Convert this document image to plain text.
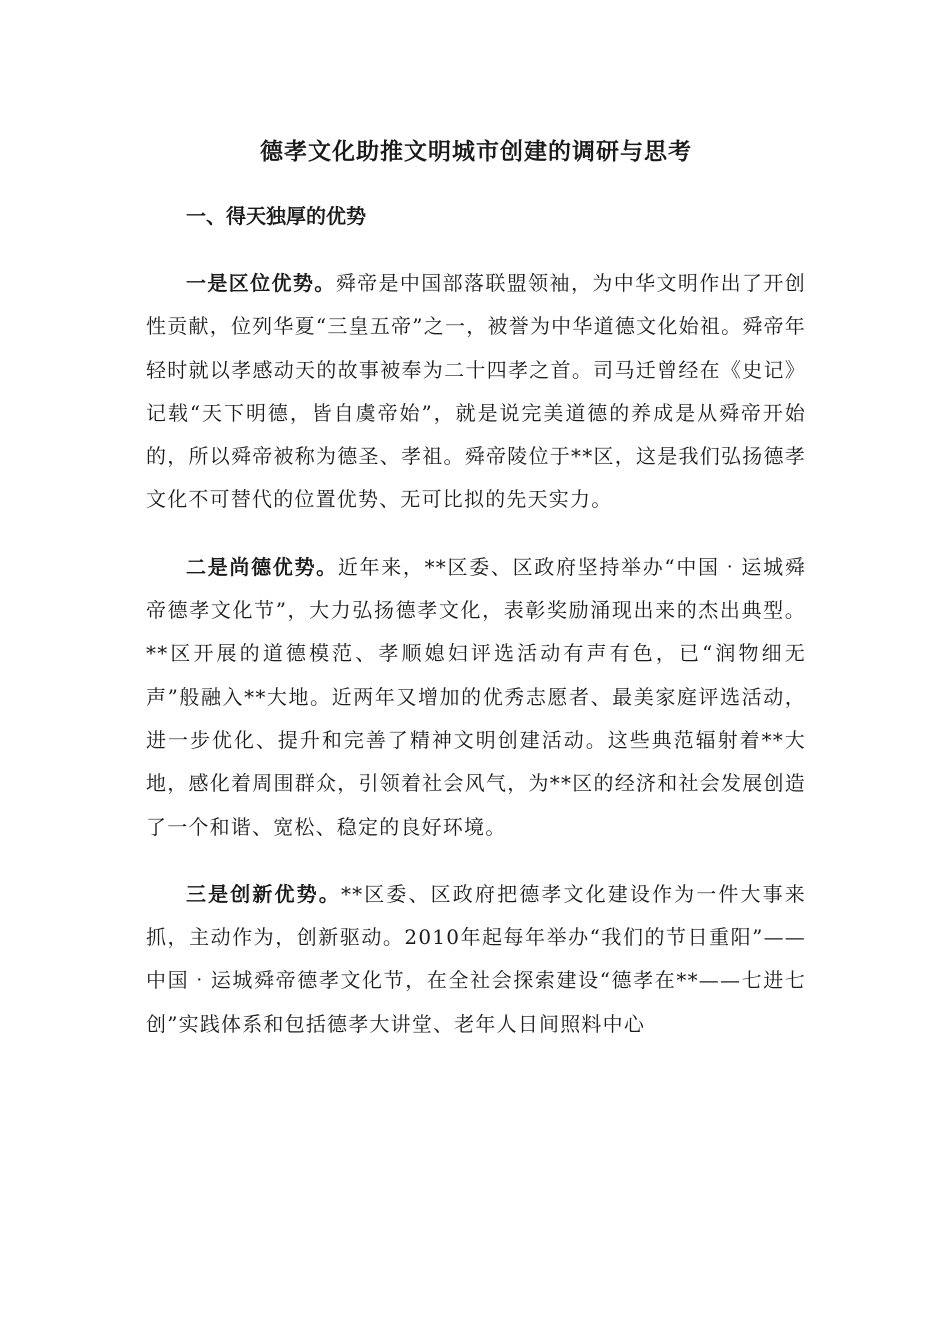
德孝文化助推文明城市创建的调研与思考

一、得天独厚的优势

一是区位优势。舜帝是中国部落联盟领袖，为中华文明作出了开创性贡献，位列华夏“三皇五帝”之一，被誉为中华道德文化始祖。舜帝年轻时就以孝感动天的故事被奉为二十四孝之首。司马迁曾经在《史记》记载“天下明德，皆自虞帝始”，就是说完美道德的养成是从舜帝开始的，所以舜帝被称为德圣、孝祖。舜帝陵位于**区，这是我们弘扬德孝文化不可替代的位置优势、无可比拟的先天实力。

二是尚德优势。近年来，**区委、区政府坚持举办“中国‧运城舜帝德孝文化节”，大力弘扬德孝文化，表彰奖励涌现出来的杰出典型。**区开展的道德模范、孝顺媳妇评选活动有声有色，已“润物细无声”般融入**大地。近两年又增加的优秀志愿者、最美家庭评选活动，进一步优化、提升和完善了精神文明创建活动。这些典范辐射着**大地，感化着周围群众，引领着社会风气，为**区的经济和社会发展创造了一个和谐、宽松、稳定的良好环境。

三是创新优势。**区委、区政府把德孝文化建设作为一件大事来抓，主动作为，创新驱动。2010年起每年举办“我们的节日重阳”——中国‧运城舜帝德孝文化节，在全社会探索建设“德孝在**——七进七创”实践体系和包括德孝大讲堂、老年人日间照料中心
